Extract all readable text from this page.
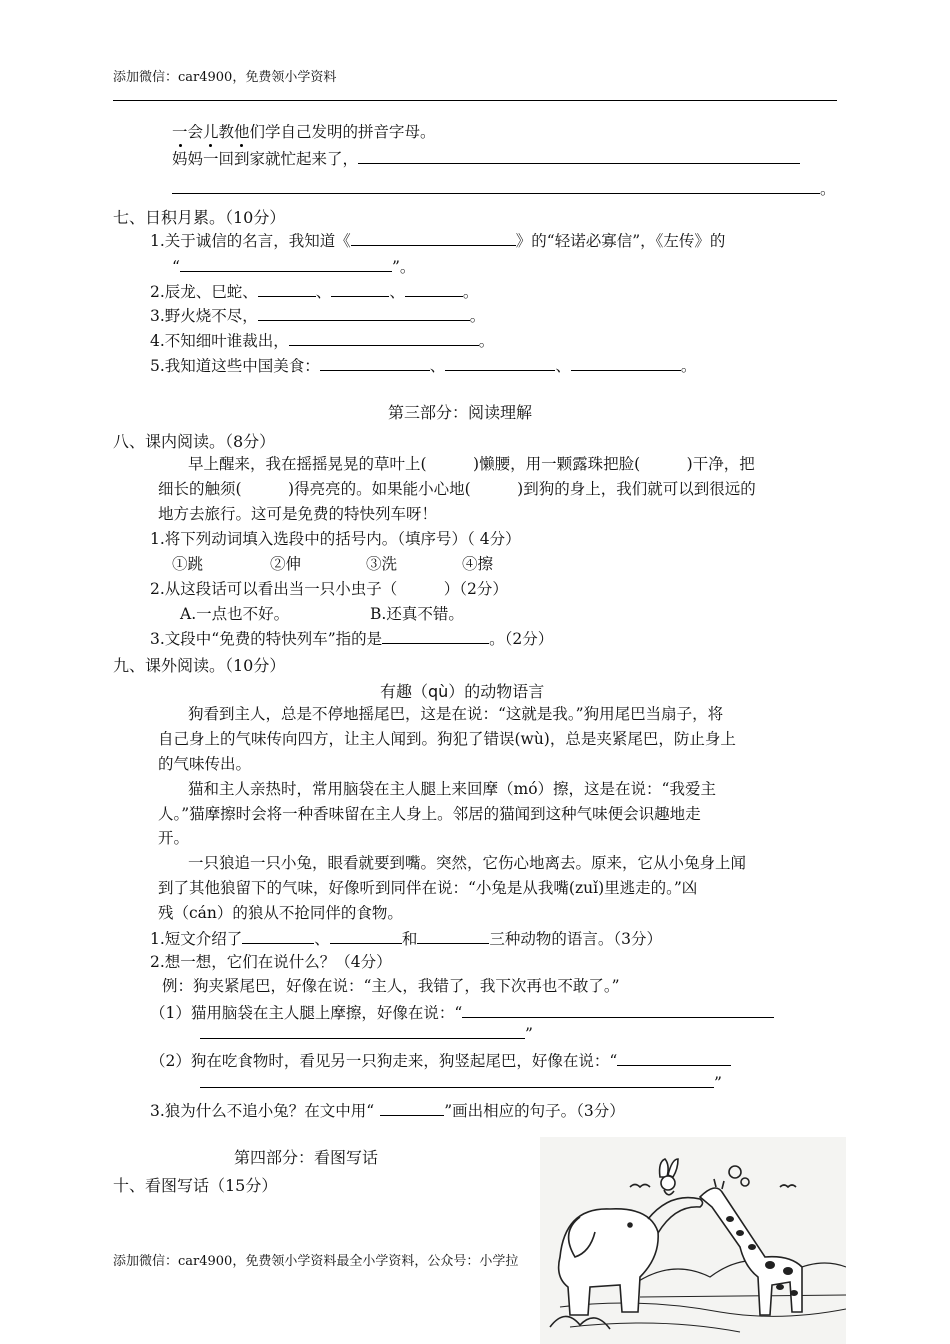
添加微信：car4900，免费领小学资料
一会儿教他们学自己发明的拼音字母。
妈妈一回到家就忙起来了，
。
七、日积月累。（10分）
1.关于诚信的名言，我知道《	》的“轻诺必寡信”，《左传》的
“	”。
2.辰龙、巳蛇、	、	、	。
3.野火烧不尽，	。
4.不知细叶谁裁出，	。
5.我知道这些中国美食：	、	、	。
第三部分：阅读理解
八、课内阅读。（8分）
早上醒来，我在摇摇晃晃的草叶上(　　　)懒腰，用一颗露珠把脸(　　　)干净，把
细长的触须(　　　)得亮亮的。如果能小心地(　　　)到狗的身上，我们就可以到很远的
地方去旅行。这可是免费的特快列车呀！
1.将下列动词填入选段中的括号内。（填序号）（ 4分）
①跳	②伸	③洗	④擦
2.从这段话可以看出当一只小虫子（　　　）（2分）
A.一点也不好。	B.还真不错。
3.文段中“免费的特快列车”指的是	。（2分）
九、课外阅读。（10分）
有趣（qù）的动物语言
狗看到主人，总是不停地摇尾巴，这是在说：“这就是我。”狗用尾巴当扇子，将
自己身上的气味传向四方，让主人闻到。狗犯了错误(wù)，总是夹紧尾巴，防止身上
的气味传出。
猫和主人亲热时，常用脑袋在主人腿上来回摩（mó）擦，这是在说：“我爱主
人。”猫摩擦时会将一种香味留在主人身上。邻居的猫闻到这种气味便会识趣地走
开。
一只狼追一只小兔，眼看就要到嘴。突然，它伤心地离去。原来，它从小兔身上闻
到了其他狼留下的气味，好像听到同伴在说：“小兔是从我嘴(zuǐ)里逃走的。”凶
残（cán）的狼从不抢同伴的食物。
1.短文介绍了	、	和	三种动物的语言。（3分）
2.想一想，它们在说什么？（4分）
例：狗夹紧尾巴，好像在说：“主人，我错了，我下次再也不敢了。”
（1）猫用脑袋在主人腿上摩擦，好像在说：“
”
（2）狗在吃食物时，看见另一只狗走来，狗竖起尾巴，好像在说：“
”
3.狼为什么不追小兔？在文中用“	”画出相应的句子。（3分）
第四部分：看图写话
十、看图写话（15分）
添加微信：car4900，免费领小学资料最全小学资料，公众号：小学拉
